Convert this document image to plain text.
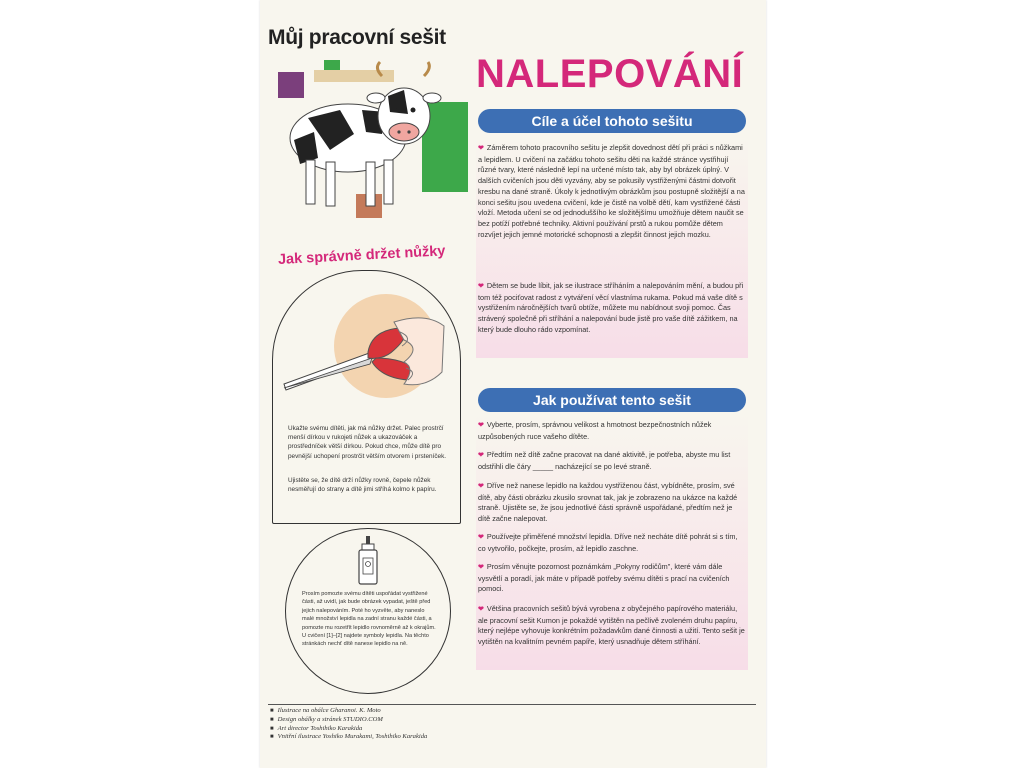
Můj pracovní sešit
NALEPOVÁNÍ
Cíle a účel tohoto sešitu

❤ Záměrem tohoto pracovního sešitu je zlepšit dovednost dětí při práci s nůžkami a lepidlem. U cvičení na začátku tohoto sešitu děti na každé stránce vystřihují různé tvary, které následně lepí na určené místo tak, aby byl obrázek úplný. V dalších cvičeních jsou děti vyzvány, aby se pokusily vystřiženými částmi dotvořit kresbu na dané straně. Úkoly k jednotlivým obrázkům jsou postupně složitější a na konci sešitu jsou uvedena cvičení, kde je čistě na volbě dětí, kam vystřižené části vloží. Metoda učení se od jednoduššího ke složitějšímu umožňuje dětem naučit se bez potíží potřebné techniky. Aktivní používání prstů a rukou pomůže dětem rozvíjet jejich jemné motorické schopnosti a zlepšit činnost jejich mozku.

❤ Dětem se bude líbit, jak se ilustrace stříháním a nalepováním mění, a budou při tom též pociťovat radost z vytváření věcí vlastníma rukama. Pokud má vaše dítě s vystřižením náročnějších tvarů obtíže, můžete mu nabídnout svoji pomoc. Čas strávený společně při stříhání a nalepování bude jistě pro vaše dítě zážitkem, na který bude dlouho rádo vzpomínat.

Jak používat tento sešit

❤ Vyberte, prosím, správnou velikost a hmotnost bezpečnostních nůžek uzpůsobených ruce vašeho dítěte.

❤ Předtím než dítě začne pracovat na dané aktivitě, je potřeba, abyste mu list odstřihli dle čáry _____ nacházející se po levé straně.

❤ Dříve než nanese lepidlo na každou vystřiženou část, vybídněte, prosím, své dítě, aby části obrázku zkusilo srovnat tak, jak je zobrazeno na ukázce na každé straně. Ujistěte se, že jsou jednotlivé části správně uspořádané, předtím než je dítě začne nalepovat.

❤ Používejte přiměřené množství lepidla. Dříve než necháte dítě pohrát si s tím, co vytvořilo, počkejte, prosím, až lepidlo zaschne.

❤ Prosím věnujte pozornost poznámkám „Pokyny rodičům", které vám dále vysvětlí a poradí, jak máte v případě potřeby svému dítěti s prací na cvičeních pomoci.

❤ Většina pracovních sešitů bývá vyrobena z obyčejného papírového materiálu, ale pracovní sešit Kumon je pokaždé vytištěn na pečlivě zvoleném druhu papíru, který nejlépe vyhovuje konkrétním požadavkům dané činnosti a užití. Tento sešit je vytištěn na kvalitním pevném papíře, který usnadňuje dětem stříhání.

Jak správně držet nůžky

Ukažte svému dítěti, jak má nůžky držet. Palec prostrčí menší dírkou v rukojeti nůžek a ukazováček a prostředníček větší dírkou. Pokud chce, může dítě pro pevnější uchopení prostrčit větším otvorem i prsteníček.

Ujistěte se, že dítě drží nůžky rovně, čepele nůžek nesměřují do strany a dítě jimi stříhá kolmo k papíru.

Prosím pomozte svému dítěti uspořádat vystřižené části, až uvidí, jak bude obrázek vypadat, ještě před jejich nalepováním. Poté ho vyzvěte, aby naneslo malé množství lepidla na zadní stranu každé části, a pomozte mu rozetřít lepidlo rovnoměrně až k okrajům. U cvičení [1]–[2] najdete symboly lepidla. Na těchto stránkách nechť dítě nanese lepidlo na ně.

■ Ilustrace na obálce Gharanoi. K. Moto
■ Design obálky a stránek STUDIO.COM
■ Art director Toshihiko Karakida
■ Vnitřní ilustrace Yoshiko Murakami, Toshihiko Karakida
